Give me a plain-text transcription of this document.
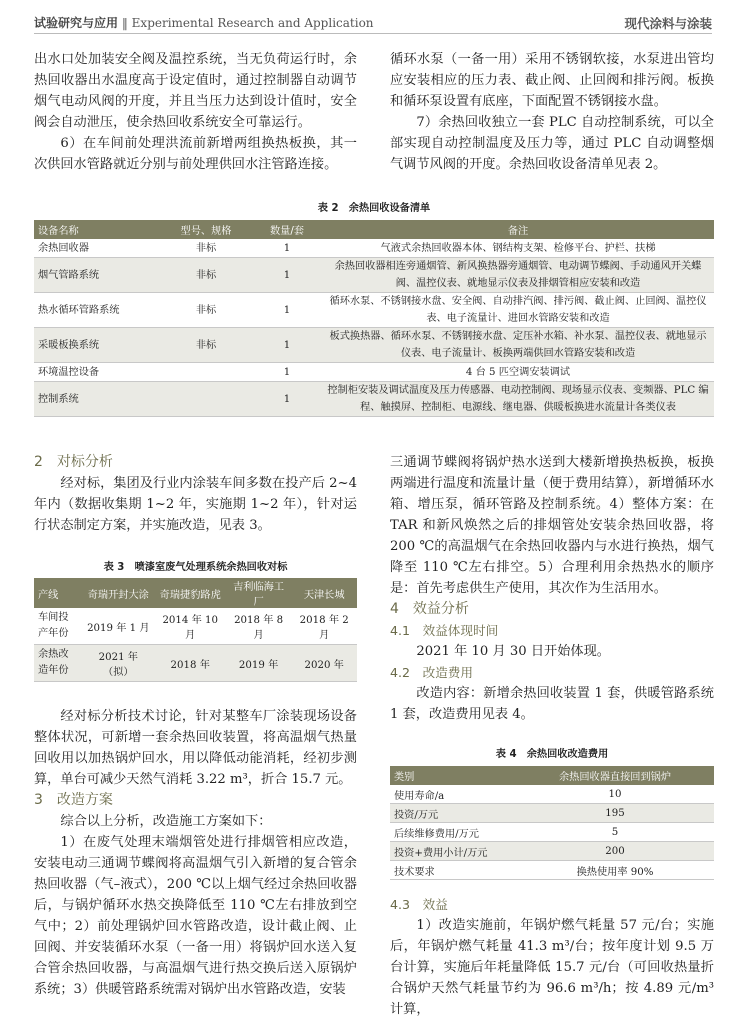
试验研究与应用 ‖ Experimental Research and Application	现代涂料与涂装

出水口处加装安全阀及温控系统，当无负荷运行时，余热回收器出水温度高于设定值时，通过控制器自动调节烟气电动风阀的开度，并且当压力达到设计值时，安全阀会自动泄压，使余热回收系统安全可靠运行。

6）在车间前处理洪流前新增两组换热板换，其一次供回水管路就近分别与前处理供回水注管路连接。

循环水泵（一备一用）采用不锈钢软接，水泵进出管均应安装相应的压力表、截止阀、止回阀和排污阀。板换和循环泵设置有底座，下面配置不锈钢接水盘。

7）余热回收独立一套 PLC 自动控制系统，可以全部实现自动控制温度及压力等，通过 PLC 自动调整烟气调节风阀的开度。余热回收设备清单见表 2。

表 2　余热回收设备清单
设备名称	型号、规格	数量/套	备注
余热回收器	非标	1	气液式余热回收器本体、钢结构支架、检修平台、护栏、扶梯
烟气管路系统	非标	1	余热回收器相连旁通烟管、新风换热器旁通烟管、电动调节蝶阀、手动通风开关蝶阀、温控仪表、就地显示仪表及排烟管相应安装和改造
热水循环管路系统	非标	1	循环水泵、不锈钢接水盘、安全阀、自动排汽阀、排污阀、截止阀、止回阀、温控仪表、电子流量计、进回水管路安装和改造
采暖板换系统	非标	1	板式换热器、循环水泵、不锈钢接水盘、定压补水箱、补水泵、温控仪表、就地显示仪表、电子流量计、板换两端供回水管路安装和改造
环境温控设备		1	4 台 5 匹空调安装调试
控制系统		1	控制柜安装及调试温度及压力传感器、电动控制阀、现场显示仪表、变频器、PLC 编程、触摸屏、控制柜、电源线、继电器、供暖板换进水流量计各类仪表
2　对标分析

经对标，集团及行业内涂装车间多数在投产后 2~4 年内（数据收集期 1~2 年，实施期 1~2 年），针对运行状态制定方案，并实施改造，见表 3。

表 3　喷漆室废气处理系统余热回收对标
产线	奇瑞开封大涂	奇瑞捷豹路虎	吉利临海工厂	天津长城
车间投产年份	2019 年 1 月	2014 年 10 月	2018 年 8 月	2018 年 2 月
余热改造年份	2021 年（拟）	2018 年	2019 年	2020 年

经对标分析技术讨论，针对某整车厂涂装现场设备整体状况，可新增一套余热回收装置，将高温烟气热量回收用以加热锅炉回水，用以降低动能消耗，经初步测算，单台可减少天然气消耗 3.22 m³，折合 15.7 元。

3　改造方案

综合以上分析，改造施工方案如下：

1）在废气处理末端烟管处进行排烟管相应改造，安装电动三通调节蝶阀将高温烟气引入新增的复合管余热回收器（气–液式），200 ℃以上烟气经过余热回收器后，与锅炉循环水热交换降低至 110 ℃左右排放到空气中；2）前处理锅炉回水管路改造，设计截止阀、止回阀、并安装循环水泵（一备一用）将锅炉回水送入复合管余热回收器，与高温烟气进行热交换后送入原锅炉系统；3）供暖管路系统需对锅炉出水管路改造，安装

三通调节蝶阀将锅炉热水送到大楼新增换热板换，板换两端进行温度和流量计量（便于费用结算），新增循环水箱、增压泵，循环管路及控制系统。4）整体方案：在 TAR 和新风焕然之后的排烟管处安装余热回收器，将 200 ℃的高温烟气在余热回收器内与水进行换热，烟气降至 110 ℃左右排空。5）合理利用余热热水的顺序是：首先考虑供生产使用，其次作为生活用水。

4　效益分析
4.1　效益体现时间

2021 年 10 月 30 日开始体现。

4.2　改造费用

改造内容：新增余热回收装置 1 套，供暖管路系统 1 套，改造费用见表 4。

表 4　余热回收改造费用
类别	余热回收器直接回到锅炉
使用寿命/a	10
投资/万元	195
后续维修费用/万元	5
投资+费用小计/万元	200
技术要求	换热使用率 90%
4.3　效益

1）改造实施前，年锅炉燃气耗量 57 元/台；实施后，年锅炉燃气耗量 41.3 m³/台；按年度计划 9.5 万台计算，实施后年耗量降低 15.7 元/台（可回收热量折合锅炉天然气耗量节约为 96.6 m³/h；按 4.89 元/m³ 计算，
